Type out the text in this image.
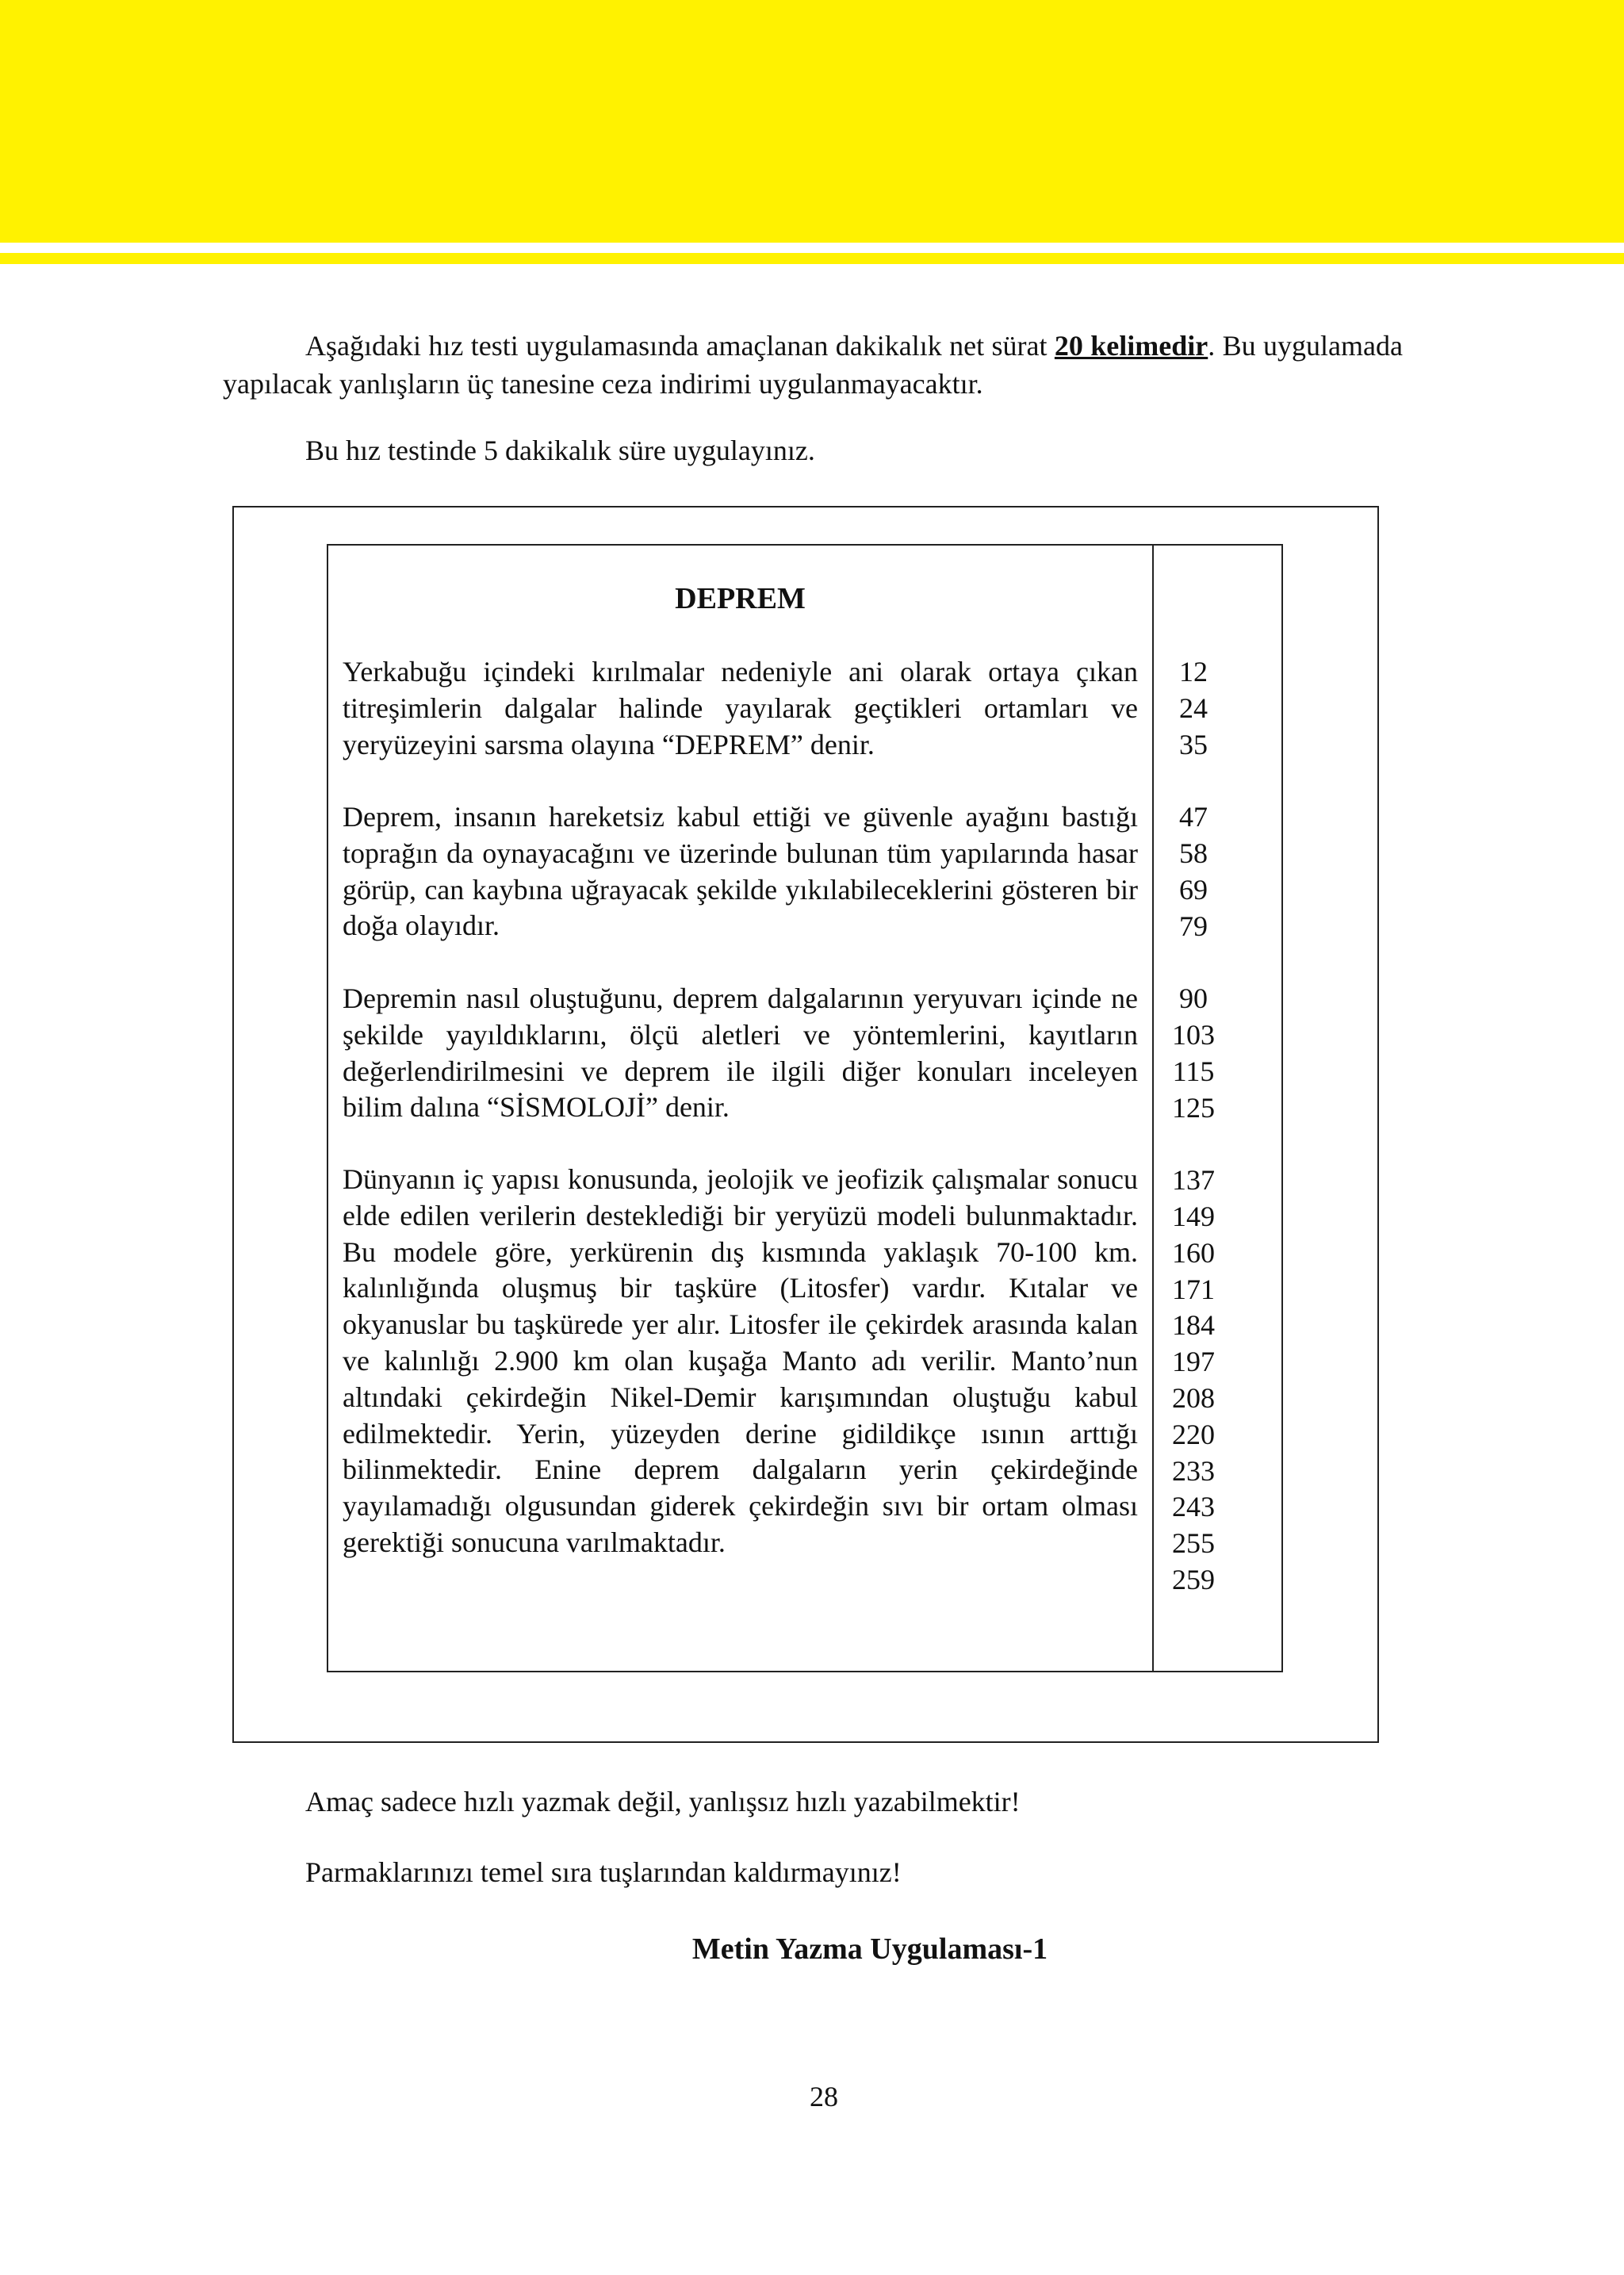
Aşağıdaki hız testi uygulamasında amaçlanan dakikalık net sürat 20 kelimedir. Bu uygulamada yapılacak yanlışların üç tanesine ceza indirimi uygulanmayacaktır.
Bu hız testinde 5 dakikalık süre uygulayınız.
DEPREM

Yerkabuğu içindeki kırılmalar nedeniyle ani olarak ortaya çıkan titreşimlerin dalgalar halinde yayılarak geçtikleri ortamları ve yeryüzeyini sarsma olayına “DEPREM” denir.

Deprem, insanın hareketsiz kabul ettiği ve güvenle ayağını bastığı toprağın da oynayacağını ve üzerinde bulunan tüm yapılarında hasar görüp, can kaybına uğrayacak şekilde yıkılabileceklerini gösteren bir doğa olayıdır.

Depremin nasıl oluştuğunu, deprem dalgalarının yeryuvarı içinde ne şekilde yayıldıklarını, ölçü aletleri ve yöntemlerini, kayıtların değerlendirilmesini ve deprem ile ilgili diğer konuları inceleyen bilim dalına “SİSMOLOJİ” denir.

Dünyanın iç yapısı konusunda, jeolojik ve jeofizik çalışmalar sonucu elde edilen verilerin desteklediği bir yeryüzü modeli bulunmaktadır. Bu modele göre, yerkürenin dış kısmında yaklaşık 70-100 km. kalınlığında oluşmuş bir taşküre (Litosfer) vardır. Kıtalar ve okyanuslar bu taşkürede yer alır. Litosfer ile çekirdek arasında kalan ve kalınlığı 2.900 km olan kuşağa Manto adı verilir. Manto’nun altındaki çekirdeğin Nikel-Demir karışımından oluştuğu kabul edilmektedir. Yerin, yüzeyden derine gidildikçe ısının arttığı bilinmektedir. Enine deprem dalgaların yerin çekirdeğinde yayılamadığı olgusundan giderek çekirdeğin sıvı bir ortam olması gerektiği sonucuna varılmaktadır.

12
24
35
47
58
69
79
90
103
115
125
137
149
160
171
184
197
208
220
233
243
255
259
Amaç sadece hızlı yazmak değil, yanlışsız hızlı yazabilmektir!
Parmaklarınızı temel sıra tuşlarından kaldırmayınız!
Metin Yazma Uygulaması-1
28
